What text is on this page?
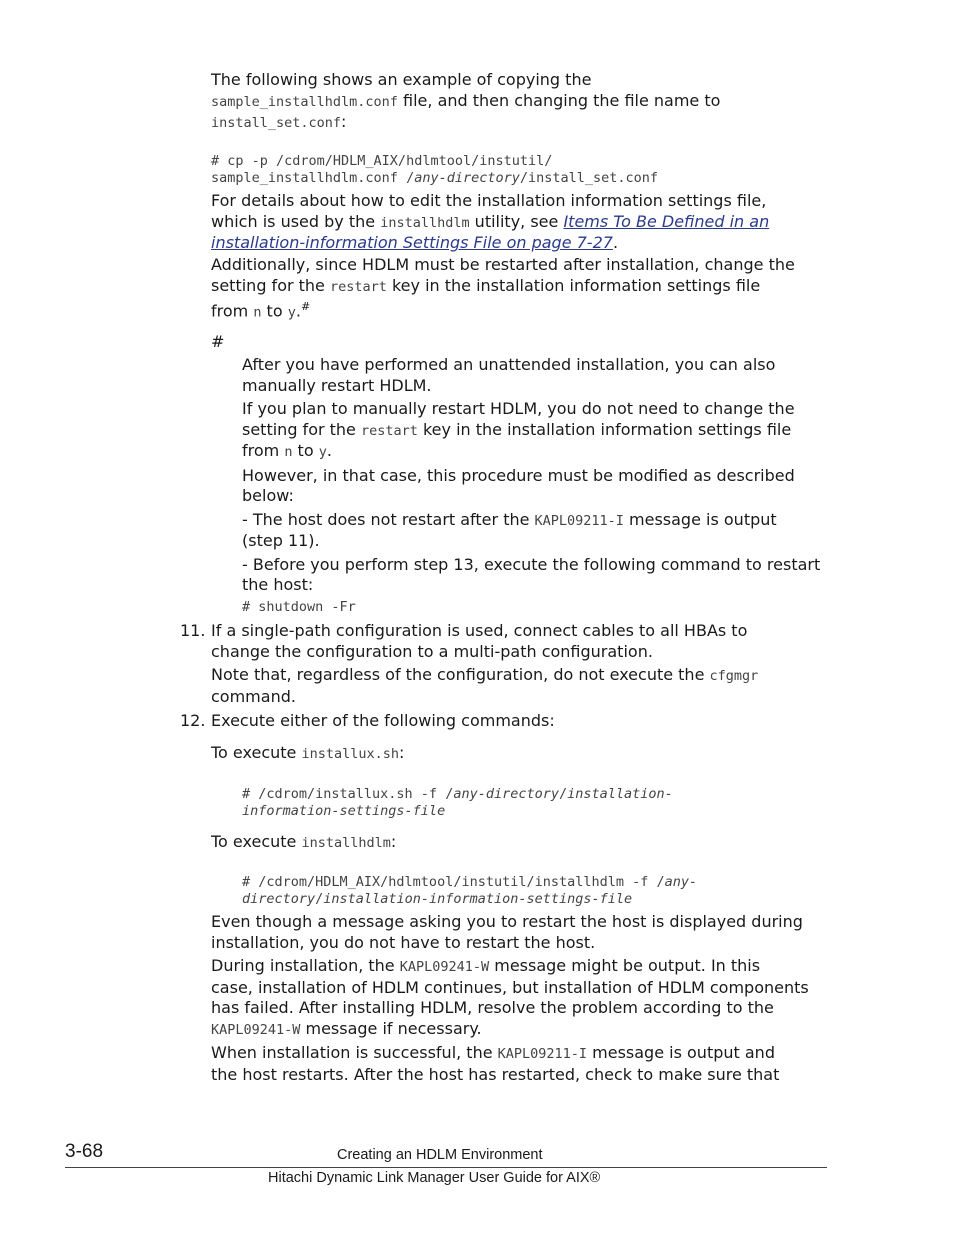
The following shows an example of copying the
sample_installhdlm.conf file, and then changing the file name to
install_set.conf:
# cp -p /cdrom/HDLM_AIX/hdlmtool/instutil/
sample_installhdlm.conf /any-directory/install_set.conf
For details about how to edit the installation information settings file,
which is used by the installhdlm utility, see Items To Be Defined in an
installation-information Settings File on page 7-27.
Additionally, since HDLM must be restarted after installation, change the
setting for the restart key in the installation information settings file
from n to y.#
#
After you have performed an unattended installation, you can also manually restart HDLM.
If you plan to manually restart HDLM, you do not need to change the
setting for the restart key in the installation information settings file
from n to y.
However, in that case, this procedure must be modified as described below:
- The host does not restart after the KAPL09211-I message is output
(step 11).
- Before you perform step 13, execute the following command to restart the host:
# shutdown -Fr
11. If a single-path configuration is used, connect cables to all HBAs to change the configuration to a multi-path configuration.
Note that, regardless of the configuration, do not execute the cfgmgr
command.
12. Execute either of the following commands:
To execute installux.sh:
# /cdrom/installux.sh -f /any-directory/installation-
information-settings-file
To execute installhdlm:
# /cdrom/HDLM_AIX/hdlmtool/instutil/installhdlm -f /any-
directory/installation-information-settings-file
Even though a message asking you to restart the host is displayed during installation, you do not have to restart the host.
During installation, the KAPL09241-W message might be output. In this
case, installation of HDLM continues, but installation of HDLM components
has failed. After installing HDLM, resolve the problem according to the
KAPL09241-W message if necessary.
When installation is successful, the KAPL09211-I message is output and
the host restarts. After the host has restarted, check to make sure that
3-68	Creating an HDLM Environment
Hitachi Dynamic Link Manager User Guide for AIX®
